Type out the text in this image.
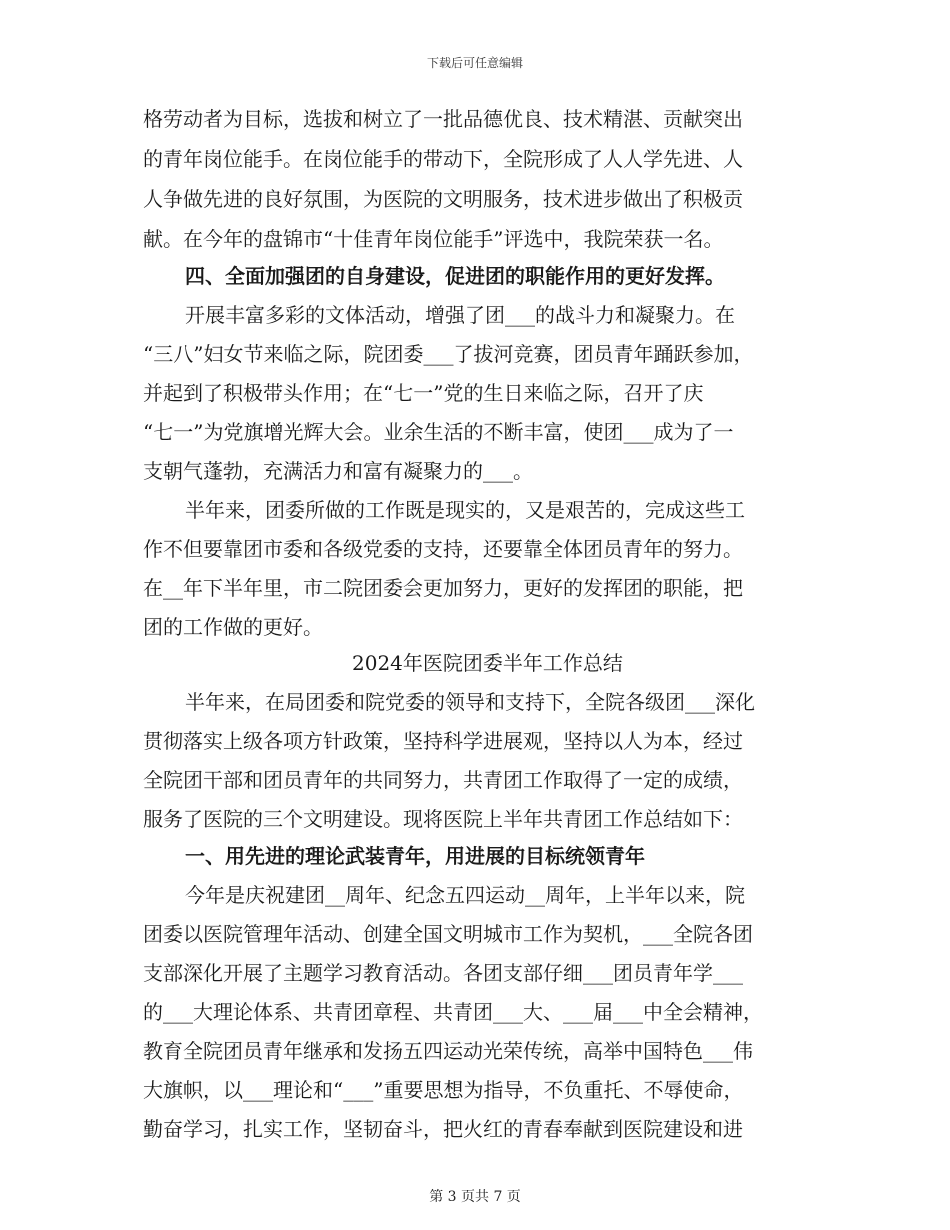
下载后可任意编辑
格劳动者为目标，选拔和树立了一批品德优良、技术精湛、贡献突出
的青年岗位能手。在岗位能手的带动下，全院形成了人人学先进、人
人争做先进的良好氛围，为医院的文明服务，技术进步做出了积极贡
献。在今年的盘锦市“十佳青年岗位能手”评选中，我院荣获一名。
四、全面加强团的自身建设，促进团的职能作用的更好发挥。
开展丰富多彩的文体活动，增强了团___的战斗力和凝聚力。在
“三八”妇女节来临之际，院团委___了拔河竞赛，团员青年踊跃参加，
并起到了积极带头作用；在“七一”党的生日来临之际，召开了庆
“七一”为党旗增光辉大会。业余生活的不断丰富，使团___成为了一
支朝气蓬勃，充满活力和富有凝聚力的___。
半年来，团委所做的工作既是现实的，又是艰苦的，完成这些工
作不但要靠团市委和各级党委的支持，还要靠全体团员青年的努力。
在__年下半年里，市二院团委会更加努力，更好的发挥团的职能，把
团的工作做的更好。
2024年医院团委半年工作总结
半年来，在局团委和院党委的领导和支持下，全院各级团___深化
贯彻落实上级各项方针政策，坚持科学进展观，坚持以人为本，经过
全院团干部和团员青年的共同努力，共青团工作取得了一定的成绩，
服务了医院的三个文明建设。现将医院上半年共青团工作总结如下：
一、用先进的理论武装青年，用进展的目标统领青年
今年是庆祝建团__周年、纪念五四运动__周年，上半年以来，院
团委以医院管理年活动、创建全国文明城市工作为契机，___全院各团
支部深化开展了主题学习教育活动。各团支部仔细___团员青年学___
的___大理论体系、共青团章程、共青团___大、___届___中全会精神，
教育全院团员青年继承和发扬五四运动光荣传统，高举中国特色___伟
大旗帜，以___理论和“___”重要思想为指导，不负重托、不辱使命，
勤奋学习，扎实工作，坚韧奋斗，把火红的青春奉献到医院建设和进
第 3 页共 7 页
